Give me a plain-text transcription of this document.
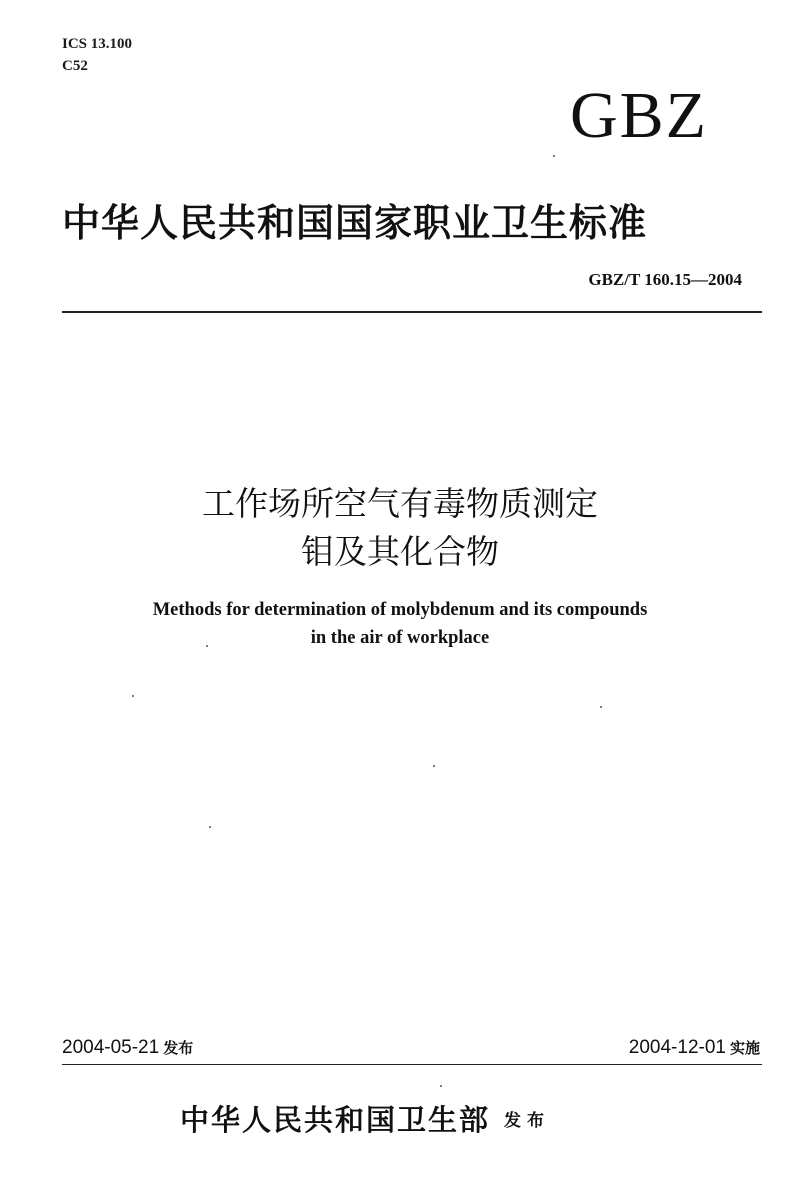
ICS 13.100
C52
GBZ
中华人民共和国国家职业卫生标准
GBZ/T 160.15—2004
工作场所空气有毒物质测定
钼及其化合物
Methods for determination of molybdenum and its compounds
in the air of workplace
2004-05-21 发布	2004-12-01 实施
中华人民共和国卫生部 发布
